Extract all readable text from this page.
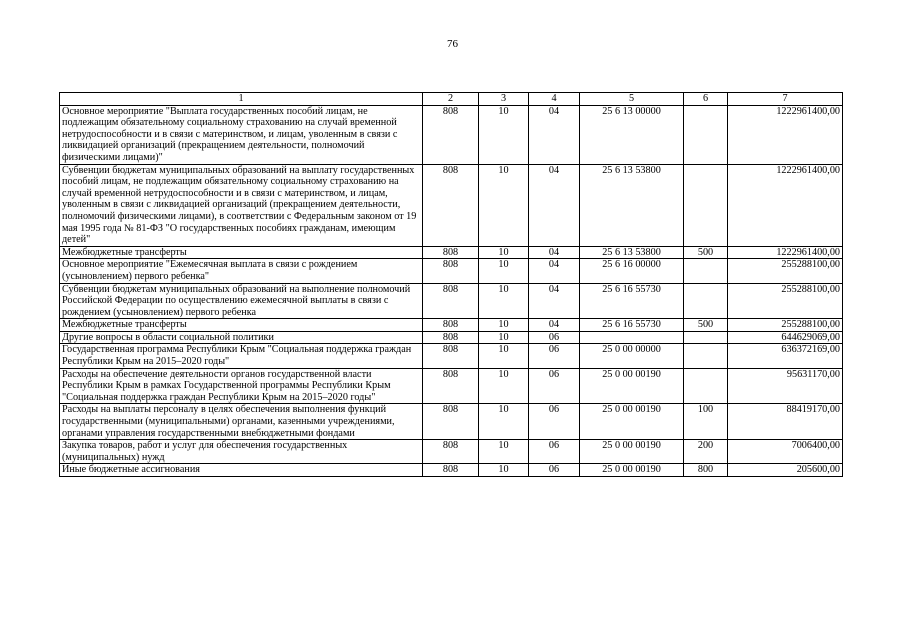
76
1	2	3	4	5	6	7
Основное мероприятие "Выплата государственных пособий лицам, не подлежащим обязательному социальному страхованию на случай временной нетрудоспособности и в связи с материнством, и лицам, уволенным в связи с ликвидацией организаций (прекращением деятельности, полномочий физическими лицами)"	808	10	04	25 6 13 00000		1222961400,00
Субвенции бюджетам муниципальных образований на выплату государственных пособий лицам, не подлежащим обязательному социальному страхованию на случай временной нетрудоспособности и в связи с материнством, и лицам, уволенным в связи с ликвидацией организаций (прекращением деятельности, полномочий физическими лицами), в соответствии с Федеральным законом от 19 мая 1995 года № 81-ФЗ "О государственных пособиях гражданам, имеющим детей"	808	10	04	25 6 13 53800		1222961400,00
Межбюджетные трансферты	808	10	04	25 6 13 53800	500	1222961400,00
Основное мероприятие "Ежемесячная выплата в связи с рождением (усыновлением) первого ребенка"	808	10	04	25 6 16 00000		255288100,00
Субвенции бюджетам муниципальных образований на выполнение полномочий Российской Федерации по осуществлению ежемесячной выплаты в связи с рождением (усыновлением) первого ребенка	808	10	04	25 6 16 55730		255288100,00
Межбюджетные трансферты	808	10	04	25 6 16 55730	500	255288100,00
Другие вопросы в области социальной политики	808	10	06			644629069,00
Государственная программа Республики Крым "Социальная поддержка граждан Республики Крым на 2015–2020 годы"	808	10	06	25 0 00 00000		636372169,00
Расходы на обеспечение деятельности органов государственной власти Республики Крым в рамках Государственной программы Республики Крым "Социальная поддержка граждан Республики Крым на 2015–2020 годы"	808	10	06	25 0 00 00190		95631170,00
Расходы на выплаты персоналу в целях обеспечения выполнения функций государственными (муниципальными) органами, казенными учреждениями, органами управления государственными внебюджетными фондами	808	10	06	25 0 00 00190	100	88419170,00
Закупка товаров, работ и услуг для обеспечения государственных (муниципальных) нужд	808	10	06	25 0 00 00190	200	7006400,00
Иные бюджетные ассигнования	808	10	06	25 0 00 00190	800	205600,00
